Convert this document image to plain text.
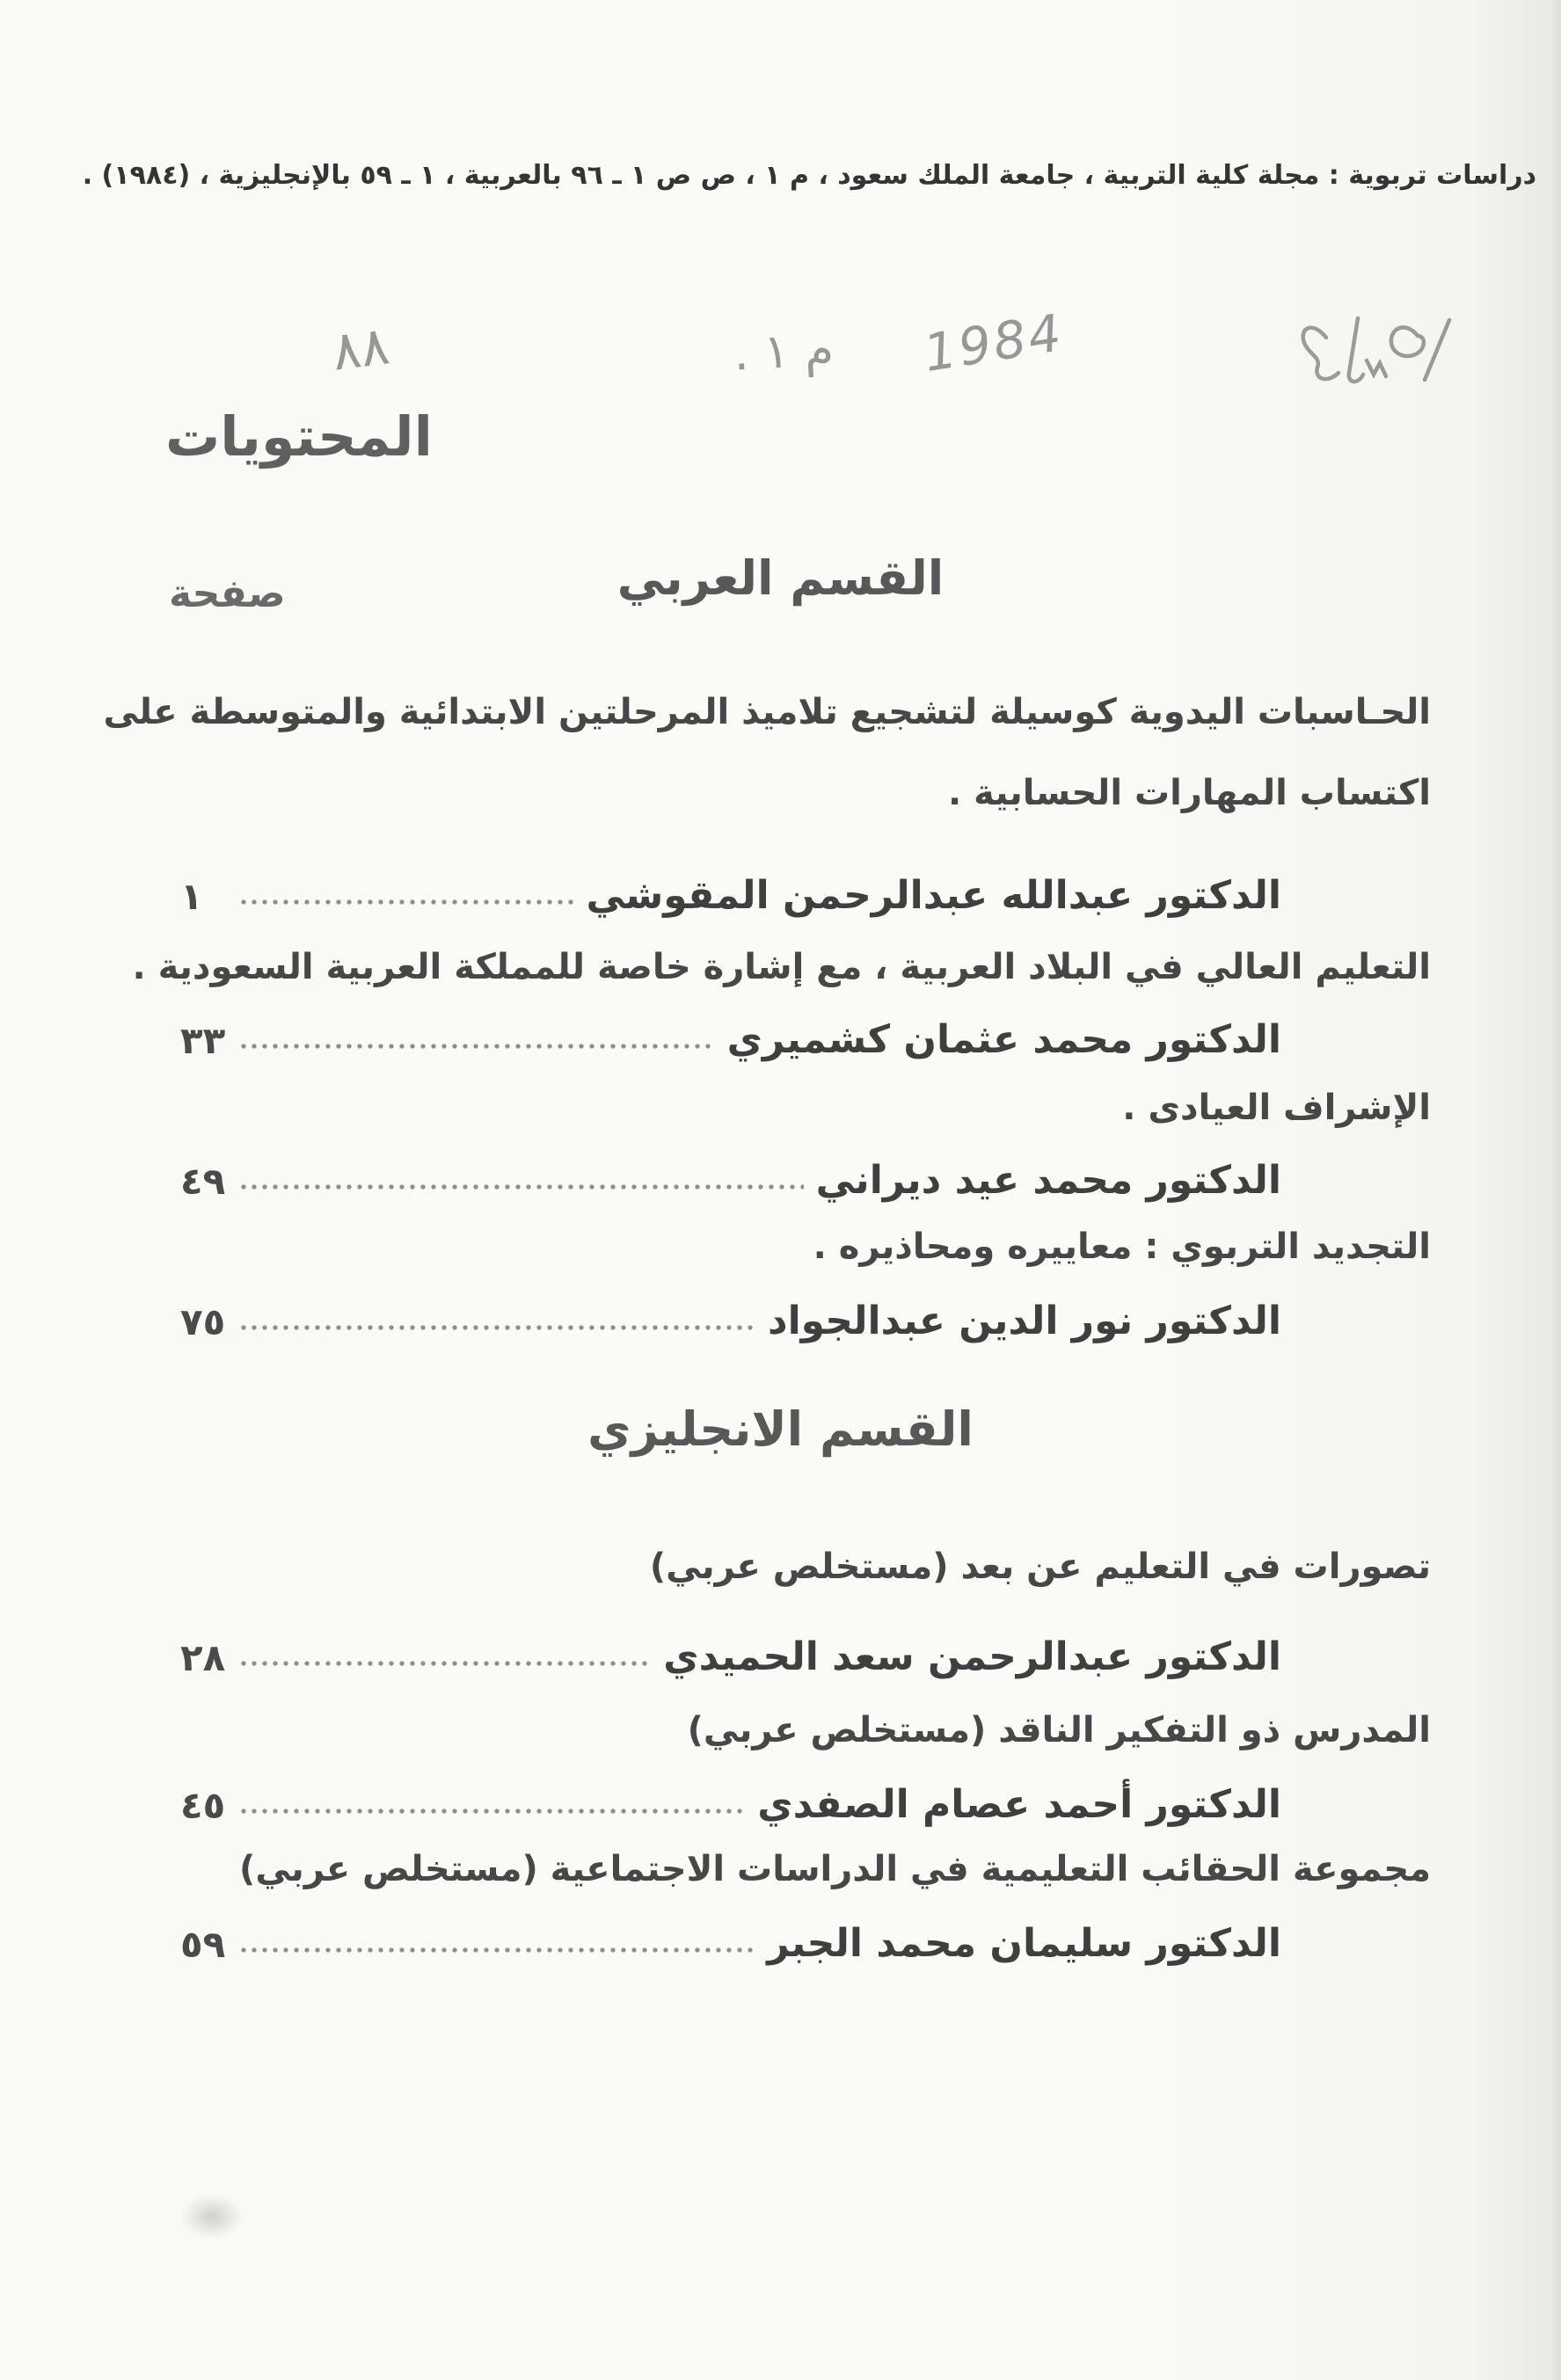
دراسات تربوية : مجلة كلية التربية ، جامعة الملك سعود ، م ١ ، ص ص ١ ـ ٩٦ بالعربية ، ١ ـ ٥٩ بالإنجليزية ، (١٩٨٤) .
٨٨	م ١ . 1984
المحتويات
القسم العربي
صفحة
الحـاسبات اليدوية كوسيلة لتشجيع تلاميذ المرحلتين الابتدائية والمتوسطة على
اكتساب المهارات الحسابية .
الدكتور عبدالله عبدالرحمن المقوشي
١
التعليم العالي في البلاد العربية ، مع إشارة خاصة للمملكة العربية السعودية .
الدكتور محمد عثمان كشميري
٣٣
الإشراف العيادى .
الدكتور محمد عيد ديراني
٤٩
التجديد التربوي : معاييره ومحاذيره .
الدكتور نور الدين عبدالجواد
٧٥
القسم الانجليزي
تصورات في التعليم عن بعد (مستخلص عربي)
الدكتور عبدالرحمن سعد الحميدي
٢٨
المدرس ذو التفكير الناقد (مستخلص عربي)
الدكتور أحمد عصام الصفدي
٤٥
مجموعة الحقائب التعليمية في الدراسات الاجتماعية (مستخلص عربي)
الدكتور سليمان محمد الجبر
٥٩
